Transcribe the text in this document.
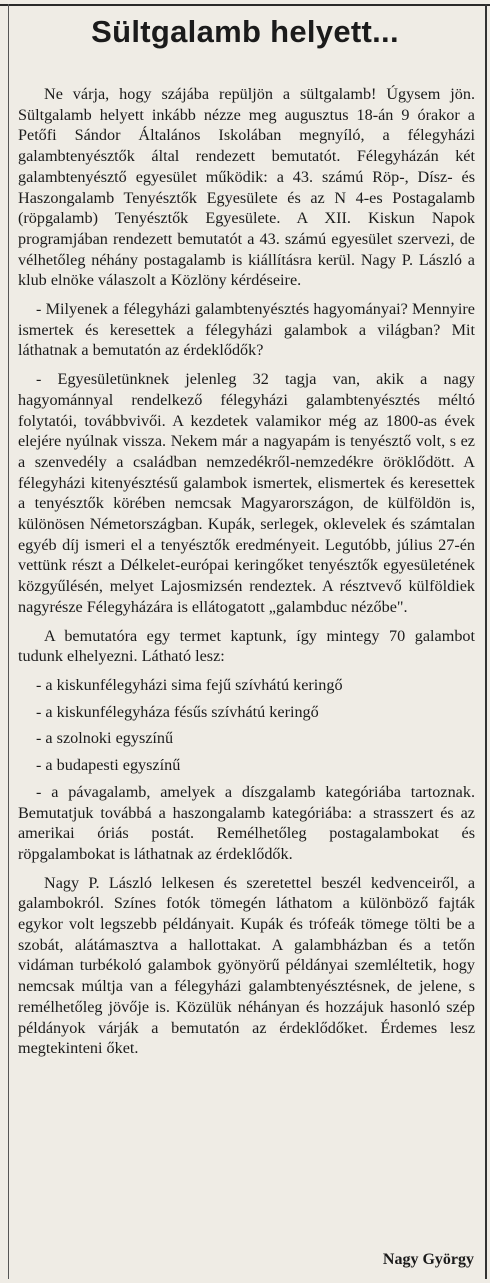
Sültgalamb helyett...

Ne várja, hogy szájába repüljön a sültgalamb! Úgysem jön. Sültgalamb helyett inkább nézze meg augusztus 18-án 9 órakor a Petőfi Sándor Általános Iskolában megnyíló, a félegyházi galambtenyésztők által rendezett bemutatót. Félegyházán két galambtenyésztő egyesület működik: a 43. számú Röp-, Dísz- és Haszongalamb Tenyésztők Egyesülete és az N 4-es Postagalamb (röpgalamb) Tenyésztők Egyesülete. A XII. Kiskun Napok programjában rendezett bemutatót a 43. számú egyesület szervezi, de vélhetőleg néhány postagalamb is kiállításra kerül. Nagy P. László a klub elnöke válaszolt a Közlöny kérdéseire.

- Milyenek a félegyházi galambtenyésztés hagyományai? Mennyire ismertek és keresettek a félegyházi galambok a világban? Mit láthatnak a bemutatón az érdeklődők?

- Egyesületünknek jelenleg 32 tagja van, akik a nagy hagyománnyal rendelkező félegyházi galambtenyésztés méltó folytatói, továbbvivői. A kezdetek valamikor még az 1800-as évek elejére nyúlnak vissza. Nekem már a nagyapám is tenyésztő volt, s ez a szenvedély a családban nemzedékről-nemzedékre öröklődött. A félegyházi kitenyésztésű galambok ismertek, elismertek és keresettek a tenyésztők körében nemcsak Magyarországon, de külföldön is, különösen Németországban. Kupák, serlegek, oklevelek és számtalan egyéb díj ismeri el a tenyésztők eredményeit. Legutóbb, július 27-én vettünk részt a Délkelet-európai keringőket tenyésztők egyesületének közgyűlésén, melyet Lajosmizsén rendeztek. A résztvevő külföldiek nagyrésze Félegyházára is ellátogatott „galambduc nézőbe".

A bemutatóra egy termet kaptunk, így mintegy 70 galambot tudunk elhelyezni. Látható lesz:

- a kiskunfélegyházi sima fejű szívhátú keringő
- a kiskunfélegyháza fésűs szívhátú keringő
- a szolnoki egyszínű
- a budapesti egyszínű

- a pávagalamb, amelyek a díszgalamb kategóriába tartoznak. Bemutatjuk továbbá a haszongalamb kategóriába: a strasszert és az amerikai óriás postát. Remélhetőleg postagalambokat és röpgalambokat is láthatnak az érdeklődők.

Nagy P. László lelkesen és szeretettel beszél kedvenceiről, a galambokról. Színes fotók tömegén láthatom a különböző fajták egykor volt legszebb példányait. Kupák és trófeák tömege tölti be a szobát, alátámasztva a hallottakat. A galambházban és a tetőn vidáman turbékoló galambok gyönyörű példányai szemléltetik, hogy nemcsak múltja van a félegyházi galambtenyésztésnek, de jelene, s remélhetőleg jövője is. Közülük néhányan és hozzájuk hasonló szép példányok várják a bemutatón az érdeklődőket. Érdemes lesz megtekinteni őket.

Nagy György
